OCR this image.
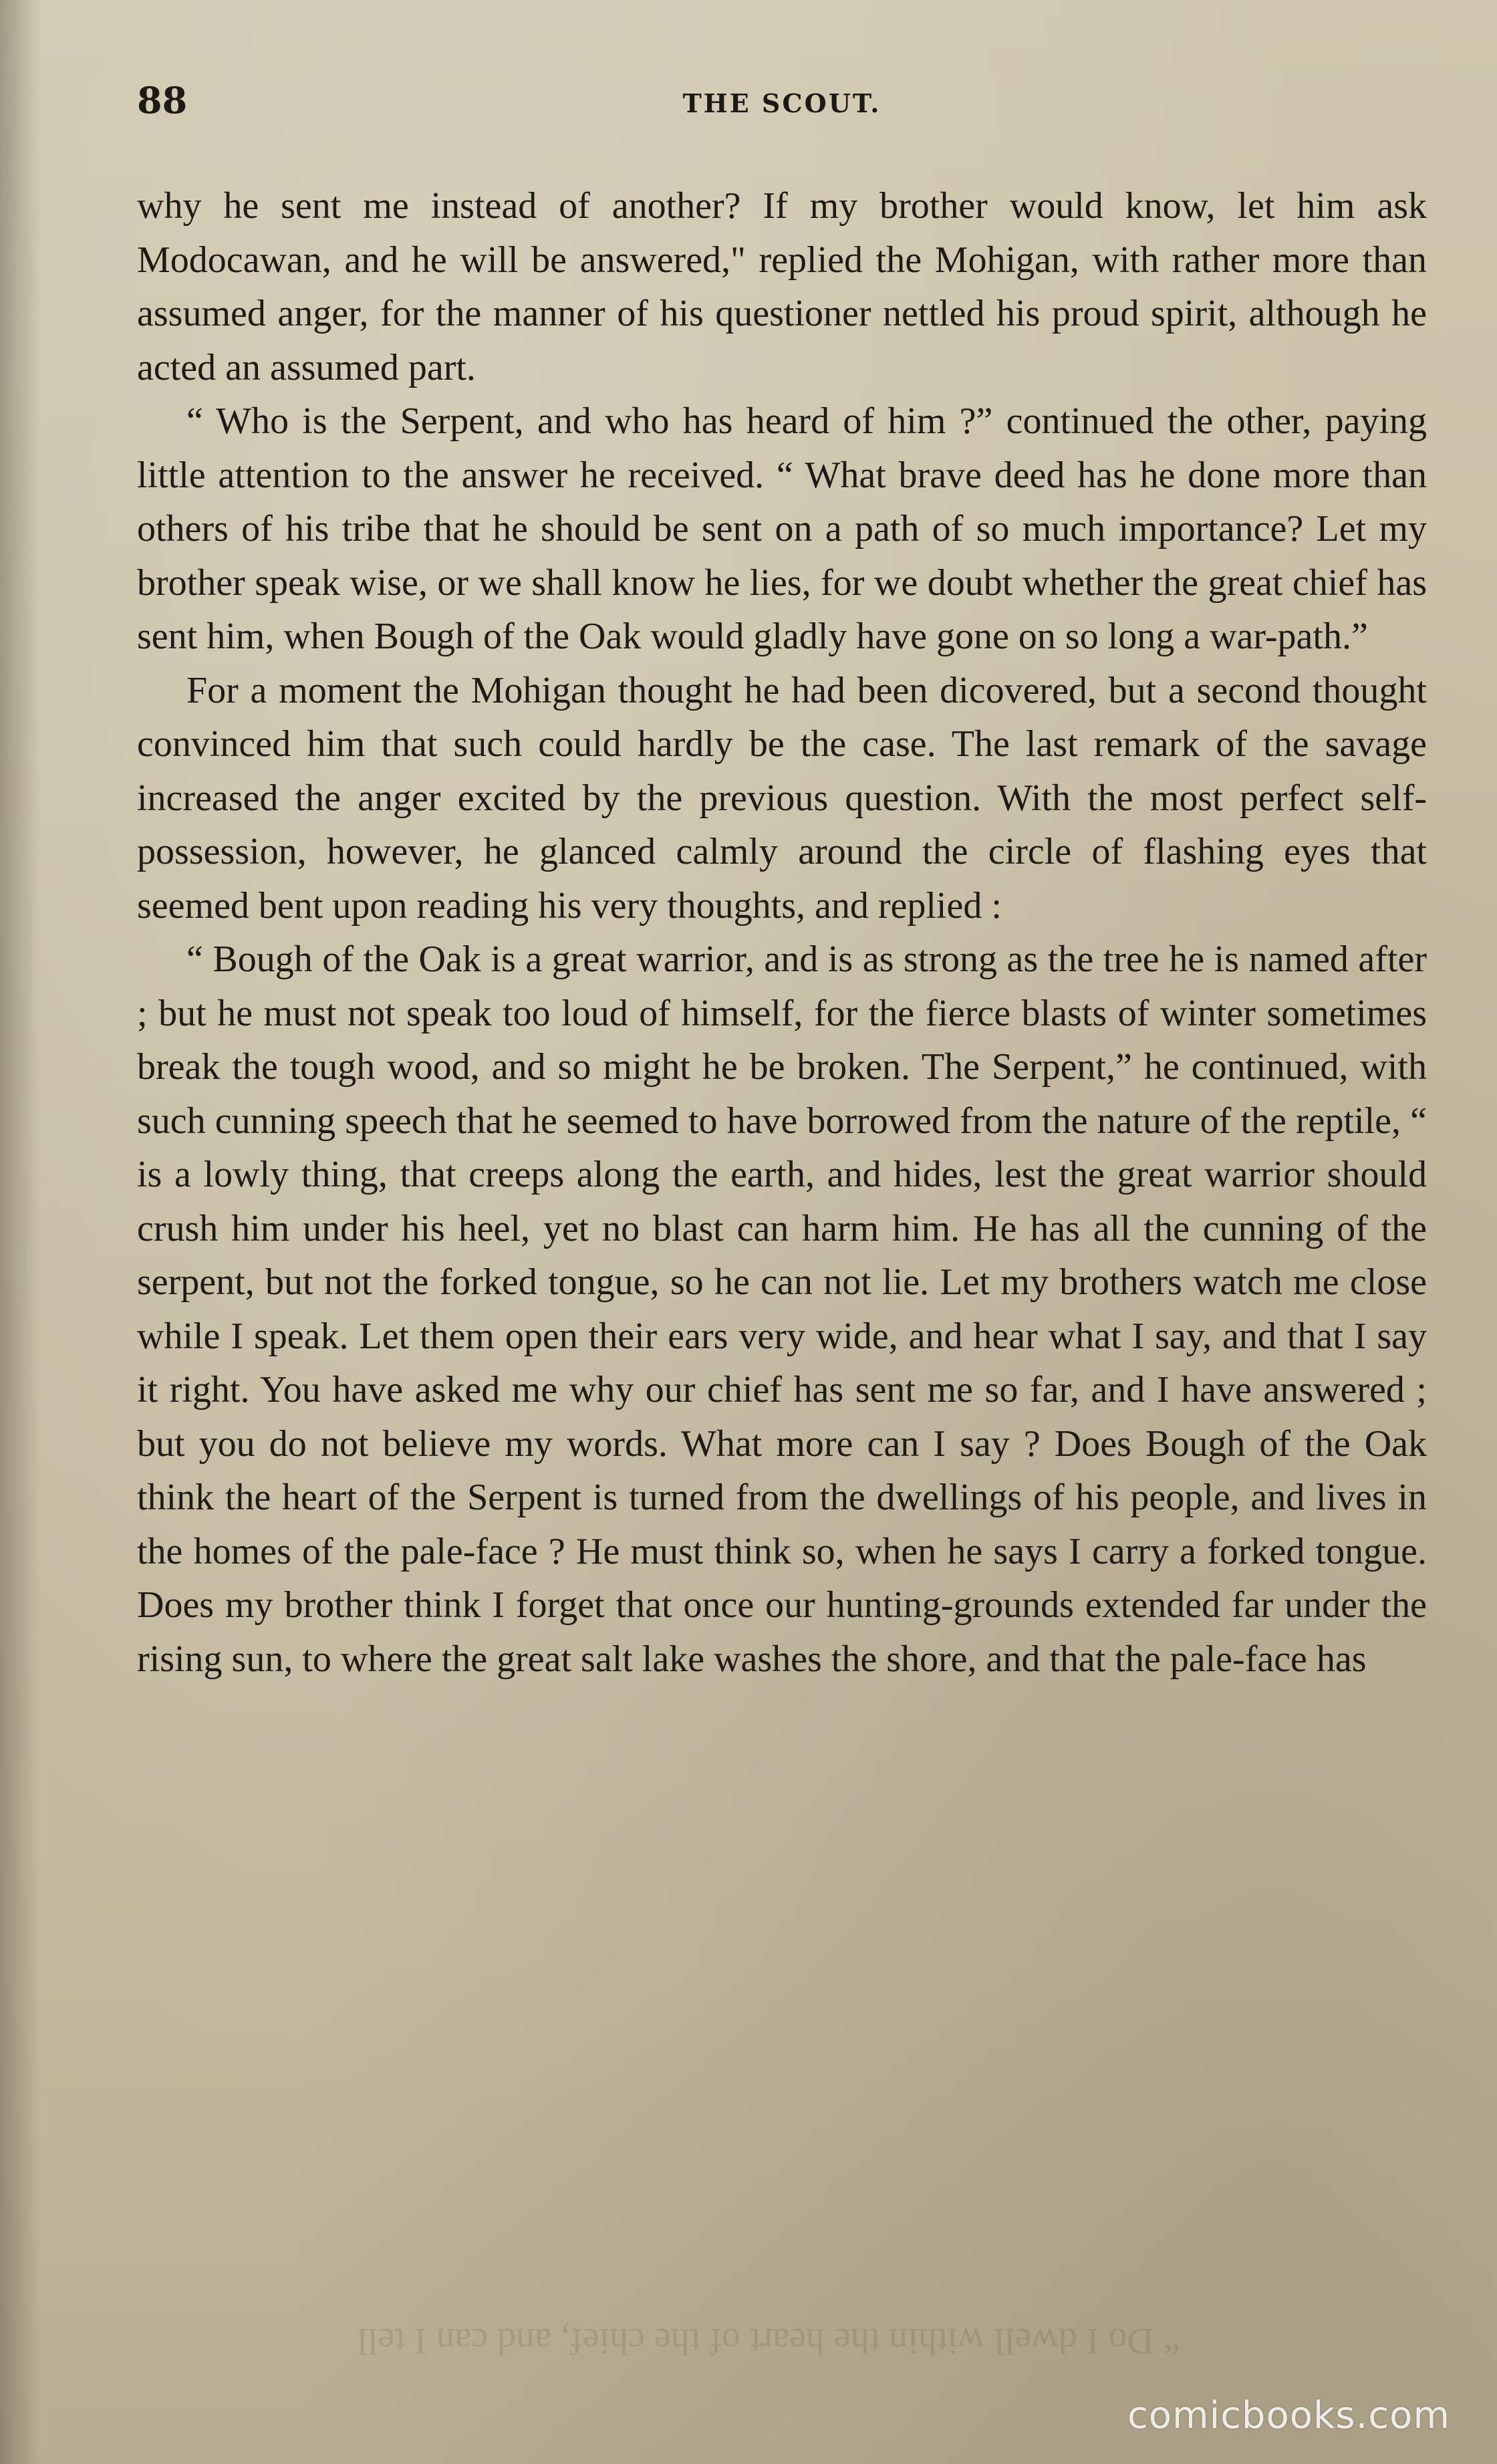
88	THE SCOUT.

why he sent me instead of another? If my brother would know, let him ask Modocawan, and he will be answered," replied the Mohigan, with rather more than assumed anger, for the manner of his questioner nettled his proud spirit, although he acted an assumed part.

“ Who is the Serpent, and who has heard of him ?” continued the other, paying little attention to the answer he received. “ What brave deed has he done more than others of his tribe that he should be sent on a path of so much importance? Let my brother speak wise, or we shall know he lies, for we doubt whether the great chief has sent him, when Bough of the Oak would gladly have gone on so long a war-path.”

For a moment the Mohigan thought he had been dicovered, but a second thought convinced him that such could hardly be the case. The last remark of the savage increased the anger excited by the previous question. With the most perfect self-possession, however, he glanced calmly around the circle of flashing eyes that seemed bent upon reading his very thoughts, and replied :

“ Bough of the Oak is a great warrior, and is as strong as the tree he is named after ; but he must not speak too loud of himself, for the fierce blasts of winter sometimes break the tough wood, and so might he be broken. The Serpent,” he continued, with such cunning speech that he seemed to have borrowed from the nature of the reptile, “ is a lowly thing, that creeps along the earth, and hides, lest the great warrior should crush him under his heel, yet no blast can harm him. He has all the cunning of the serpent, but not the forked tongue, so he can not lie. Let my brothers watch me close while I speak. Let them open their ears very wide, and hear what I say, and that I say it right. You have asked me why our chief has sent me so far, and I have answered ; but you do not believe my words. What more can I say ? Does Bough of the Oak think the heart of the Serpent is turned from the dwellings of his people, and lives in the homes of the pale-face ? He must think so, when he says I carry a forked tongue. Does my brother think I forget that once our hunting-grounds extended far under the rising sun, to where the great salt lake washes the shore, and that the pale-face has

“ Do I dwell within the heart of the chief, and can I tell
comicbooks.com
